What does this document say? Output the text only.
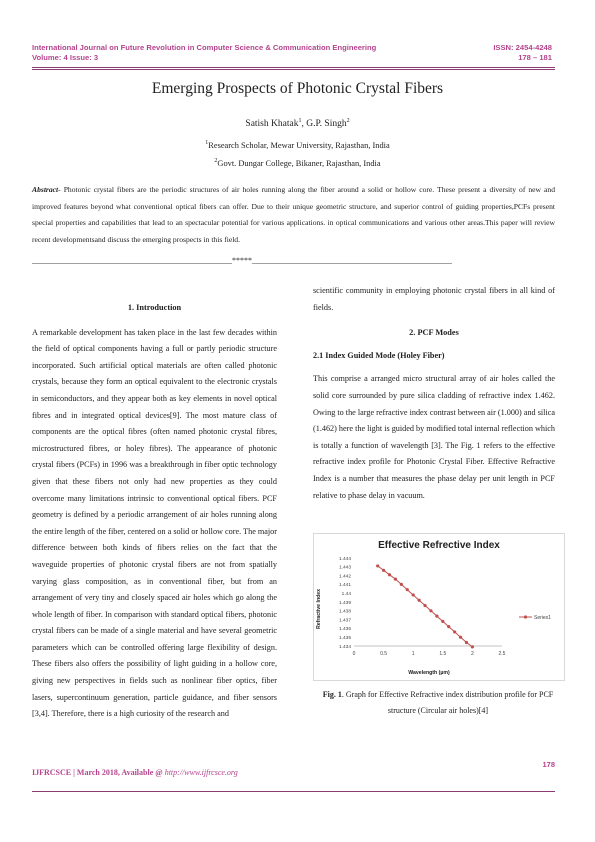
International Journal on Future Revolution in Computer Science & Communication Engineering
Volume: 4 Issue: 3
ISSN: 2454-4248
178 – 181
Emerging Prospects of Photonic Crystal Fibers
Satish Khatak$^1$, G.P. Singh$^2$
$^1$Research Scholar, Mewar University, Rajasthan, India
$^2$Govt. Dungar College, Bikaner, Rajasthan, India
Abstract- Photonic crystal fibers are the periodic structures of air holes running along the fiber around a solid or hollow core. These present a diversity of new and improved features beyond what conventional optical fibers can offer. Due to their unique geometric structure, and superior control of guiding properties,PCFs present special properties and capabilities that lead to an spectacular potential for various applications. in optical communications and various other areas.This paper will review recent developmentsand discuss the emerging prospects in this field.
__________________________________________________*****__________________________________________________
1. Introduction
A remarkable development has taken place in the last few decades within the field of optical components having a full or partly periodic structure incorporated. Such artificial optical materials are often called photonic crystals, because they form an optical equivalent to the electronic crystals in semiconductors, and they appear both as key elements in novel optical fibres and in integrated optical devices[9]. The most mature class of components are the optical fibres (often named photonic crystal fibres, microstructured fibres, or holey fibres). The appearance of photonic crystal fibers (PCFs) in 1996 was a breakthrough in fiber optic technology given that these fibers not only had new properties as they could overcome many limitations intrinsic to conventional optical fibers. PCF geometry is defined by a periodic arrangement of air holes running along the entire length of the fiber, centered on a solid or hollow core. The major difference between both kinds of fibers relies on the fact that the waveguide properties of photonic crystal fibers are not from spatially varying glass composition, as in conventional fiber, but from an arrangement of very tiny and closely spaced air holes which go along the whole length of fiber. In comparison with standard optical fibers, photonic crystal fibers can be made of a single material and have several geometric parameters which can be controlled offering large flexibility of design. These fibers also offers the possibility of light guiding in a hollow core, giving new perspectives in fields such as nonlinear fiber optics, fiber lasers, supercontinuum generation, particle guidance, and fiber sensors [3,4]. Therefore, there is a high curiosity of the research and
scientific community in employing photonic crystal fibers in all kind of fields.
2. PCF Modes
2.1 Index Guided Mode (Holey Fiber)
This comprise a arranged micro structural array of air holes called the solid core surrounded by pure silica cladding of refractive index 1.462. Owing to the large refractive index contrast between air (1.000) and silica (1.462) here the light is guided by modified total internal reflection which is totally a function of wavelength [3]. The Fig. 1 refers to the effective refractive index profile for Photonic Crystal Fiber. Effective Refractive Index is a number that measures the phase delay per unit length in PCF relative to phase delay in vacuum.
Effective Refrective Index
1.444
1.443
1.442
1.441
1.44
1.439
1.438
1.437
1.436
1.435
1.434
0	0.5	1	1.5	2	2.5
Refractive Index
Wavelength (µm)
Series1
Fig. 1. Graph for Effective Refractive index distribution profile for PCF structure (Circular air holes)[4]
178
IJFRCSCE | March 2018, Available @ http://www.ijfrcsce.org
